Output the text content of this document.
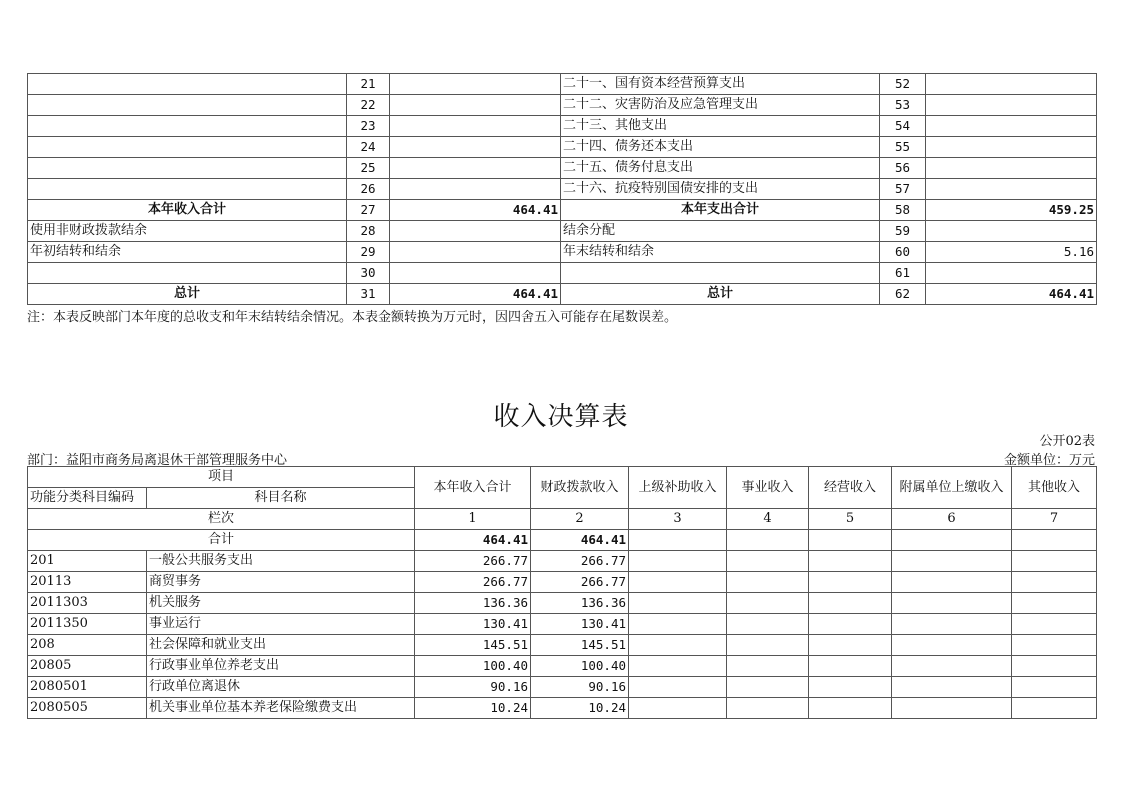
	21		二十一、国有资本经营预算支出	52	
	22		二十二、灾害防治及应急管理支出	53	
	23		二十三、其他支出	54	
	24		二十四、债务还本支出	55	
	25		二十五、债务付息支出	56	
	26		二十六、抗疫特别国债安排的支出	57	
本年收入合计	27	464.41	本年支出合计	58	459.25
使用非财政拨款结余	28		结余分配	59	
年初结转和结余	29		年末结转和结余	60	5.16
	30			61	
总计	31	464.41	总计	62	464.41
注：本表反映部门本年度的总收支和年末结转结余情况。本表金额转换为万元时，因四舍五入可能存在尾数误差。
收入决算表
公开02表
部门：益阳市商务局离退休干部管理服务中心	金额单位：万元
项目		本年收入合计	财政拨款收入	上级补助收入	事业收入	经营收入	附属单位上缴收入	其他收入
功能分类科目编码	科目名称							
栏次		1	2	3	4	5	6	7
合计		464.41	464.41					
201	一般公共服务支出	266.77	266.77					
20113	商贸事务	266.77	266.77					
2011303	机关服务	136.36	136.36					
2011350	事业运行	130.41	130.41					
208	社会保障和就业支出	145.51	145.51					
20805	行政事业单位养老支出	100.40	100.40					
2080501	行政单位离退休	90.16	90.16					
2080505	机关事业单位基本养老保险缴费支出	10.24	10.24					
